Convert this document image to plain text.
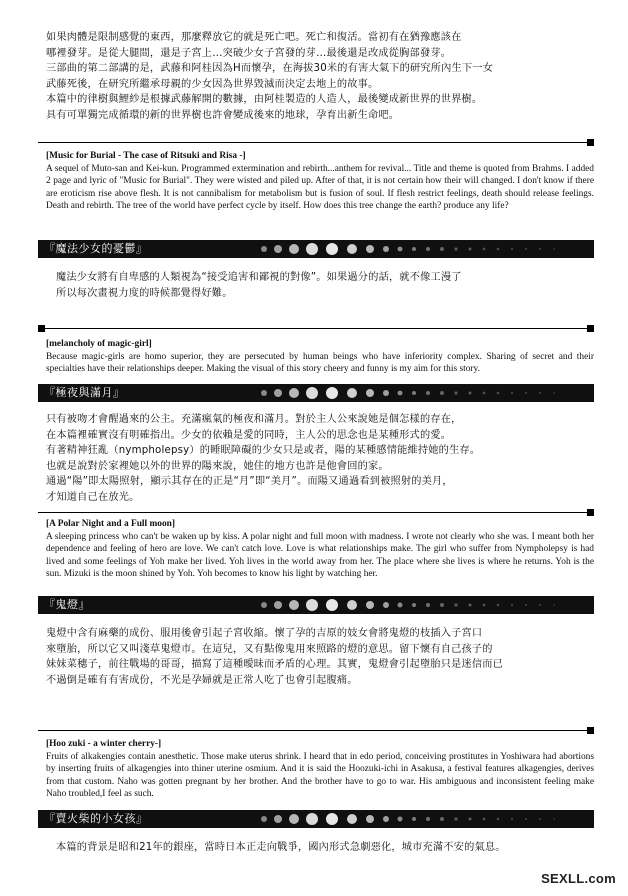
如果肉體是限制感覺的東西，那麼釋放它的就是死亡吧。死亡和復活。當初有在猶豫應該在

哪裡發芽。是從大腿間，還是子宮上…突破少女子宮發的芽…最後還是改成從胸部發芽。

三部曲的第二部講的是，武藤和阿桂因為H而懷孕，在海拔30米的有害大氣下的研究所內生下一女

武藤死後，在研究所繼承母親的少女因為世界毀滅而決定去地上的故事。

本篇中的律樹與鯉紗是根據武藤解開的數據，由阿桂製造的人造人，最後變成新世界的世界樹。

具有可單獨完成循環的新的世界樹也許會變成後來的地球，孕育出新生命吧。

[Music for Burial - The case of Ritsuki and Risa -]

A sequel of Muto-san and Kei-kun. Programmed extermination and rebirth...anthem for revival... Title and theme is quoted from Brahms. I added 2 page and lyric of "Music for Burial". They were wisted and piled up. After of that, it is not certain how their will changed. I don't know if there are eroticism rise above flesh. It is not cannibalism for metabolism but is fusion of soul. If flesh restrict feelings, death should release feelings. Death and rebirth. The tree of the world have perfect cycle by itself. How does this tree change the earth? produce any life?

『魔法少女的憂鬱』

魔法少女將有自卑感的人類視為“接受追害和鄙視的對像”。如果過分的話，就不像工漫了

所以每次畫視力度的時候都覺得好難。

[melancholy of magic-girl]

Because magic-girls are homo superior, they are persecuted by human beings who have inferiority complex. Sharing of secret and their specialties have their relationships deeper. Making the visual of this story cheery and funny is my aim for this story.

『極夜與滿月』

只有被吻才會醒過來的公主。充滿瘋氣的極夜和滿月。對於主人公來說她是個怎樣的存在，

在本篇裡確實沒有明確指出。少女的依賴是愛的同時，主人公的思念也是某種形式的愛。

有著精神狂亂（nympholepsy）的睡眠障礙的少女只是或者，陽的某種感情能維持她的生存。

也就是說對於家裡她以外的世界的陽來說，她住的地方也許是他會回的家。

通過“陽”即太陽照射，顯示其存在的正是“月”即“美月”。而陽又通過看到被照射的美月，

才知道自己在放光。

[A Polar Night and a Full moon]

A sleeping princess who can't be waken up by kiss. A polar night and full moon with madness. I wrote not clearly who she was. I meant both her dependence and feeling of hero are love. We can't catch love. Love is what relationships make. The girl who suffer from Nympholepsy is had lived and some feelings of Yoh make her lived. Yoh lives in the world away from her. The place where she lives is where he returns. Yoh is the sun. Mizuki is the moon shined by Yoh. Yoh becomes to know his light by watching her.

『鬼燈』

鬼燈中含有麻藥的成份、服用後會引起子宮收縮。懷了孕的吉原的妓女會將鬼燈的枝插入子宮口

來墮胎，所以它又叫淺草鬼燈市。在這兒，又有點像鬼用來照路的燈的意思。留下懷有自己孩子的

妹妹菜穗子，前往戰場的哥哥，描寫了這種曖昧而矛盾的心理。其實，鬼燈會引起墮胎只是迷信而已

不過倒是確有有害成份，不光是孕婦就是正常人吃了也會引起腹痛。

[Hoo zuki - a winter cherry-]

Fruits of alkakengies contain anesthetic. Those make uterus shrink. I heard that in edo period, conceiving prostitutes in Yoshiwara had abortions by inserting fruits of alkagengies into thiner uterine osmium. And it is said the Hoozuki-ichi in Asakusa, a festival features alkagengies, derives from that custom. Naho was gotten pregnant by her brother. And the brother have to go to war. His ambiguous and inconsistent feeling make Naho troubled,I feel as such.

『賣火柴的小女孩』

本篇的背景是昭和21年的銀座，當時日本正走向戰爭，國內形式急劇惡化，城市充滿不安的氣息。

SEXLL.com
